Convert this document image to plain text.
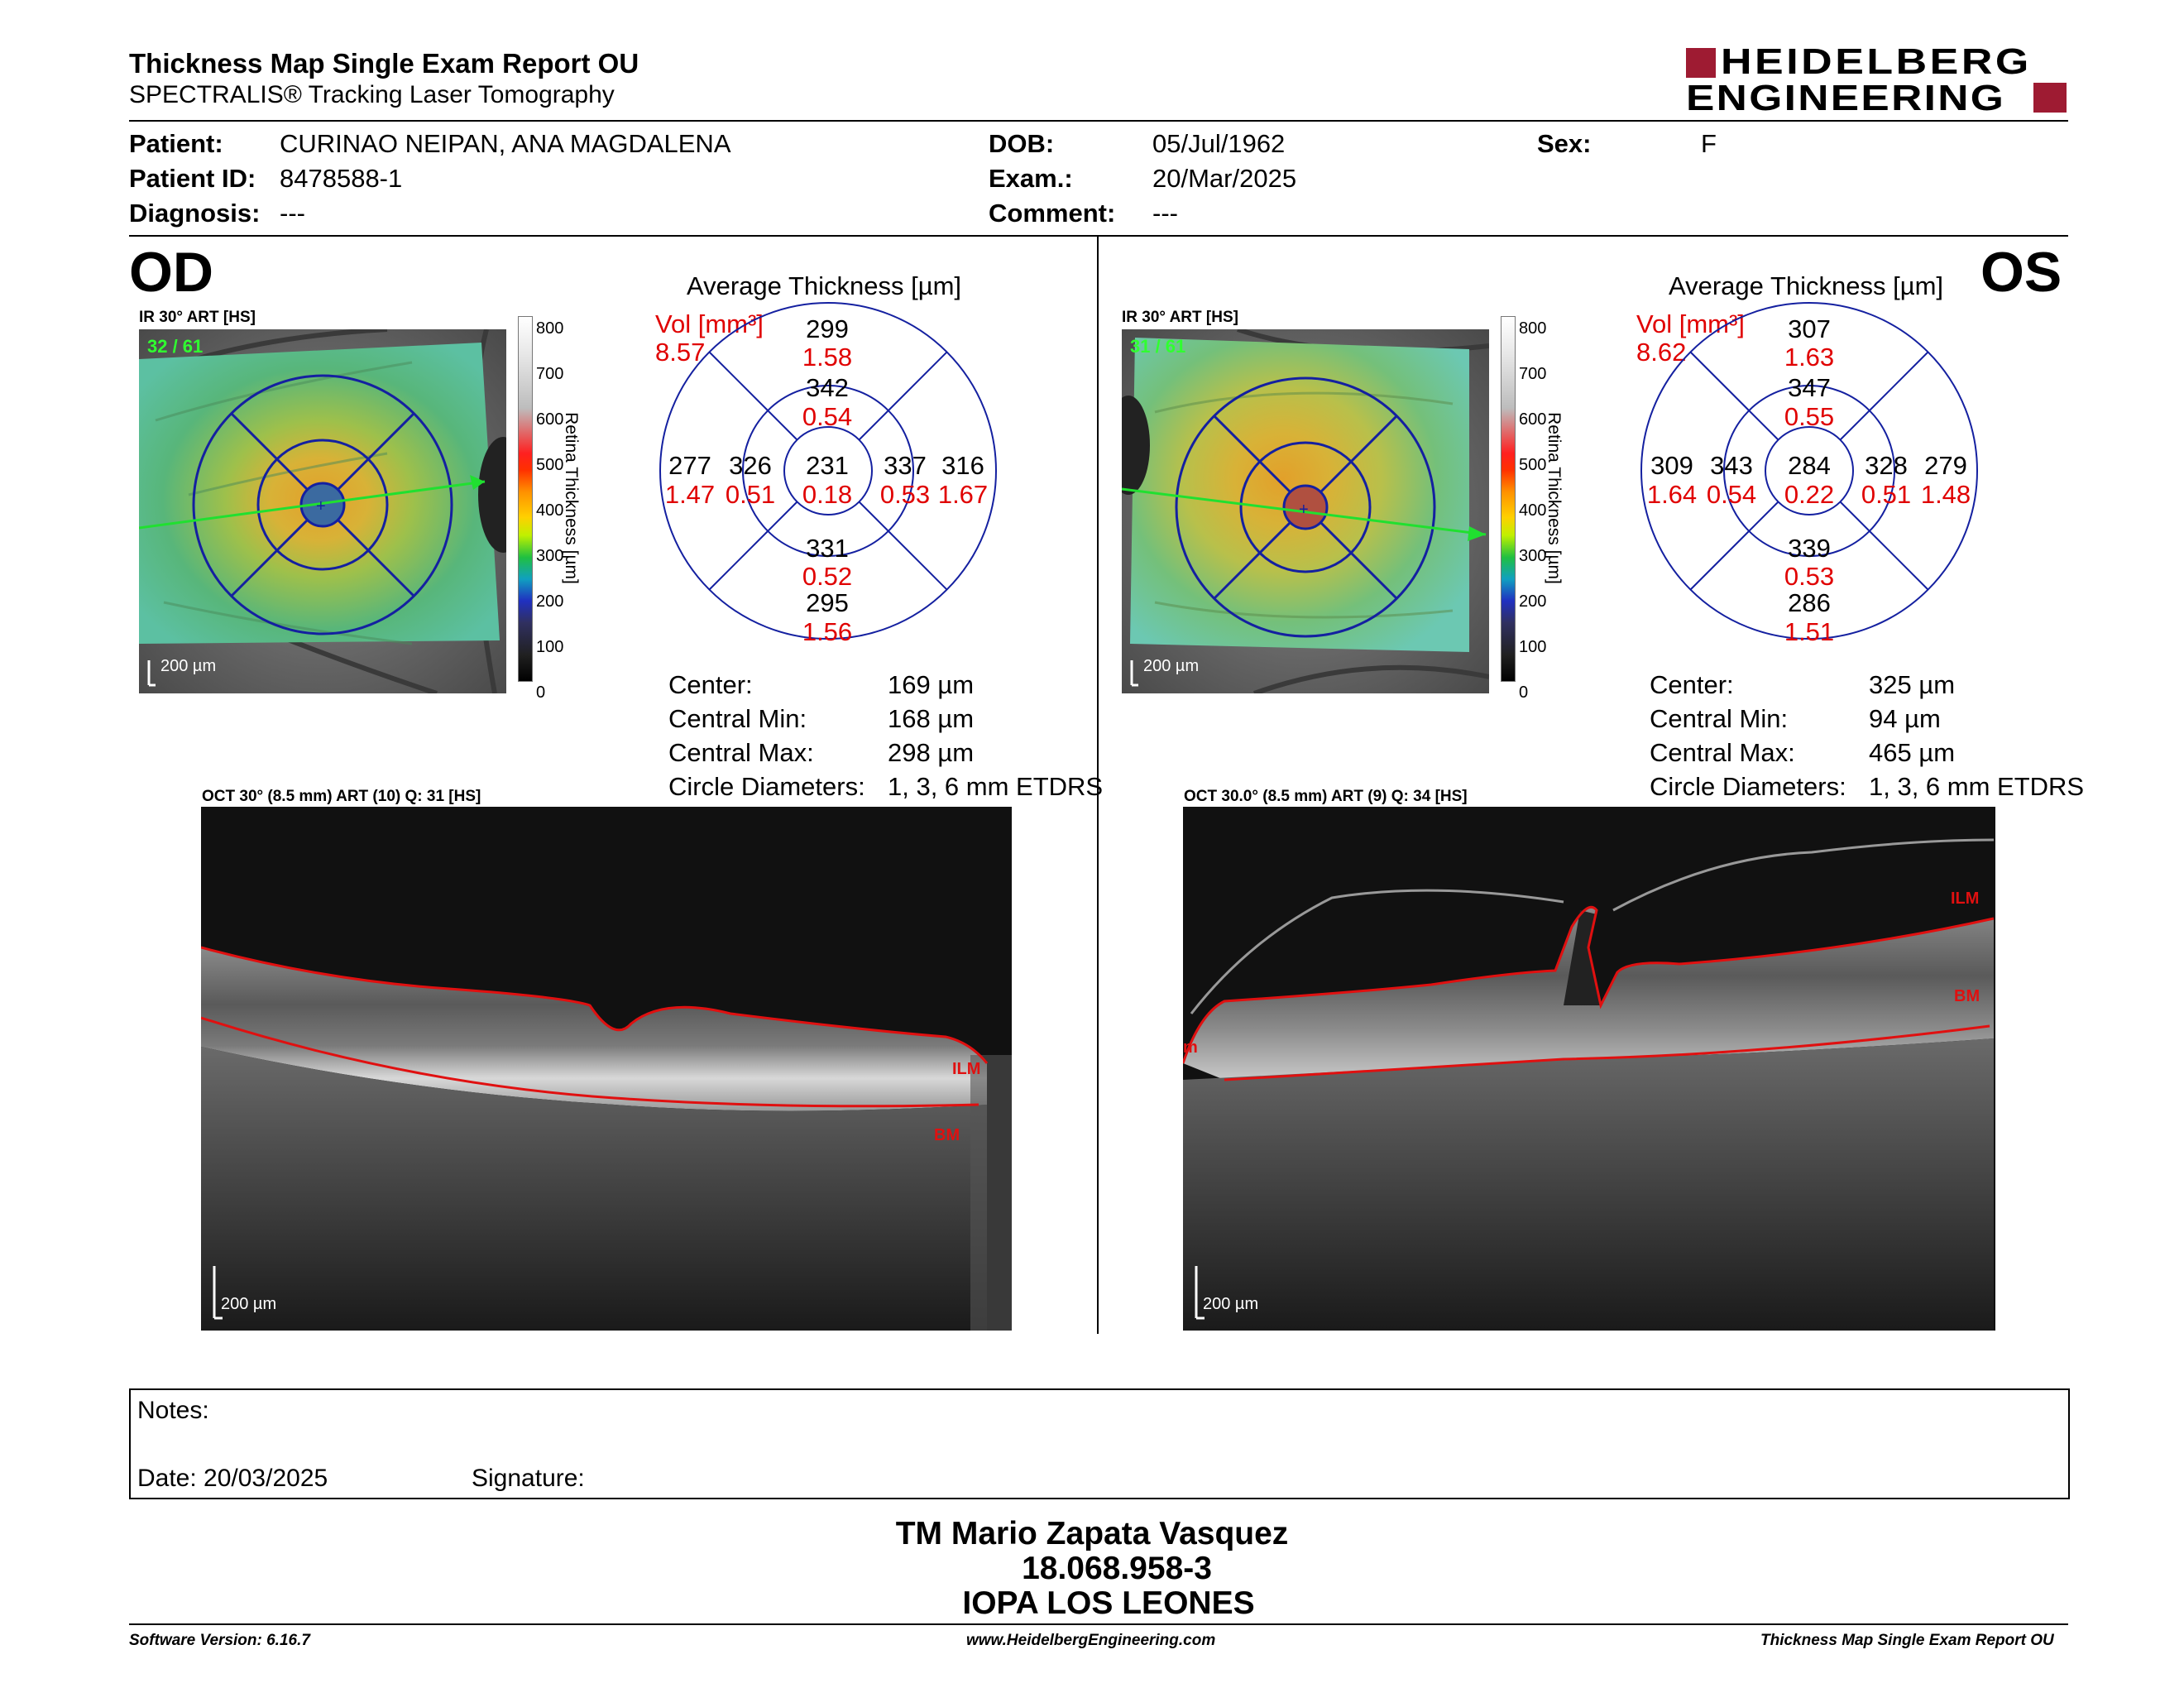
Thickness Map Single Exam Report OU
SPECTRALIS® Tracking Laser Tomography
HEIDELBERG
ENGINEERING
Patient: CURINAO NEIPAN, ANA MAGDALENA
Patient ID: 8478588-1
Diagnosis: ---
DOB:	05/Jul/1962
Exam.:	20/Mar/2025
Comment: ---
Sex:	F
OD
IR 30° ART [HS]
+
32 / 61
200 µm
800
700
600
500
400
300
200
100
0
Retina Thickness [µm]
Average Thickness [µm]
Vol [mm³]
8.57
299
1.58
342
0.54
231
0.18
326
0.51
337
0.53
277
1.47
316
1.67
331
0.52
295
1.56
Center:	169 µm
Central Min:	168 µm
Central Max:	298 µm
Circle Diameters: 1, 3, 6 mm ETDRS
OCT 30° (8.5 mm) ART (10) Q: 31 [HS]
ILM
BM
200 µm
OS
IR 30° ART [HS]
+
31 / 61
200 µm
800
700
600
500
400
300
200
100
0
Retina Thickness [µm]
Average Thickness [µm]
Vol [mm³]
8.62
307
1.63
347
0.55
284
0.22
343
0.54
328
0.51
309
1.64
279
1.48
339
0.53
286
1.51
Center:	325 µm
Central Min:	94 µm
Central Max:	465 µm
Circle Diameters: 1, 3, 6 mm ETDRS
OCT 30.0° (8.5 mm) ART (9) Q: 34 [HS]
ILM
BM
m
200 µm
Notes:
Date: 20/03/2025	Signature:
TM Mario Zapata Vasquez
18.068.958-3
IOPA LOS LEONES
Software Version: 6.16.7	www.HeidelbergEngineering.com	Thickness Map Single Exam Report OU
